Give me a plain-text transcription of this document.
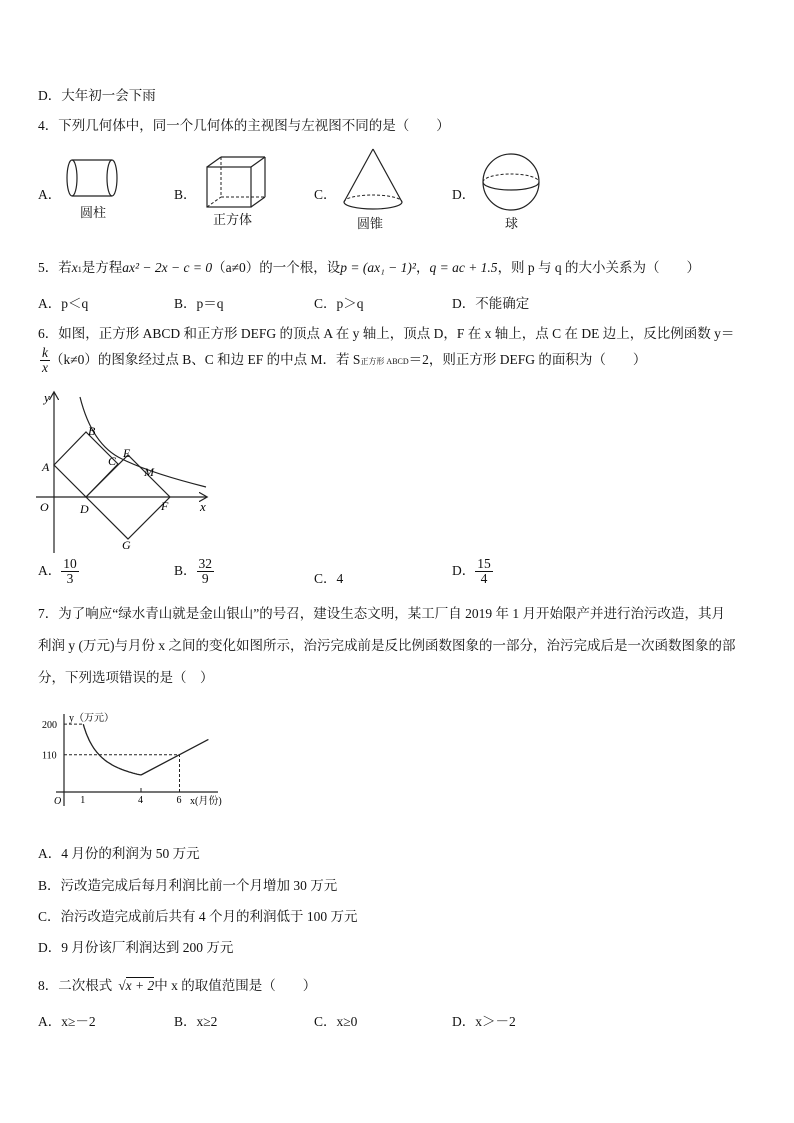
D．大年初一会下雨
4．下列几何体中，同一个几何体的主视图与左视图不同的是（　　）
A．
圆柱
B．
正方体
C．
圆锥
D．
球
5．若x1是方程ax² − 2x − c = 0（a≠0）的一个根，设p = (ax₁ − 1)²，q = ac + 1.5，则 p 与 q 的大小关系为（　　）
A．p＜q	B．p＝q	C．p＞q	D．不能确定
6．如图，正方形 ABCD 和正方形 DEFG 的顶点 A 在 y 轴上，顶点 D，F 在 x 轴上，点 C 在 DE 边上，反比例函数 y＝
$\frac{k}{x} (k\ne 0)$的图象经过点 B、C 和边 EF 的中点 M．若 S正方形 ABCD＝2，则正方形 DEFG 的面积为（　　）
y
x
O
A
B
C
D
E
F
G
M
A． $\frac{10}{3}$	B． $\frac{32}{9}$	C．4
D． $\frac{15}{4}$
7．为了响应“绿水青山就是金山银山”的号召，建设生态文明，某工厂自 2019 年 1 月开始限产并进行治污改造，其月
利润 y (万元)与月份 x 之间的变化如图所示，治污完成前是反比例函数图象的一部分，治污完成后是一次函数图象的部
分，下列选项错误的是（　）
y（万元）
x(月份)
O
200
110
1	4	6
A．4 月份的利润为 50 万元
B．污改造完成后每月利润比前一个月增加 30 万元
C．治污改造完成前后共有 4 个月的利润低于 100 万元
D．9 月份该厂利润达到 200 万元
8．二次根式 √x + 2中 x 的取值范围是（　　）
A．x≥－2	B．x≥2	C．x≥0	D．x＞－2
